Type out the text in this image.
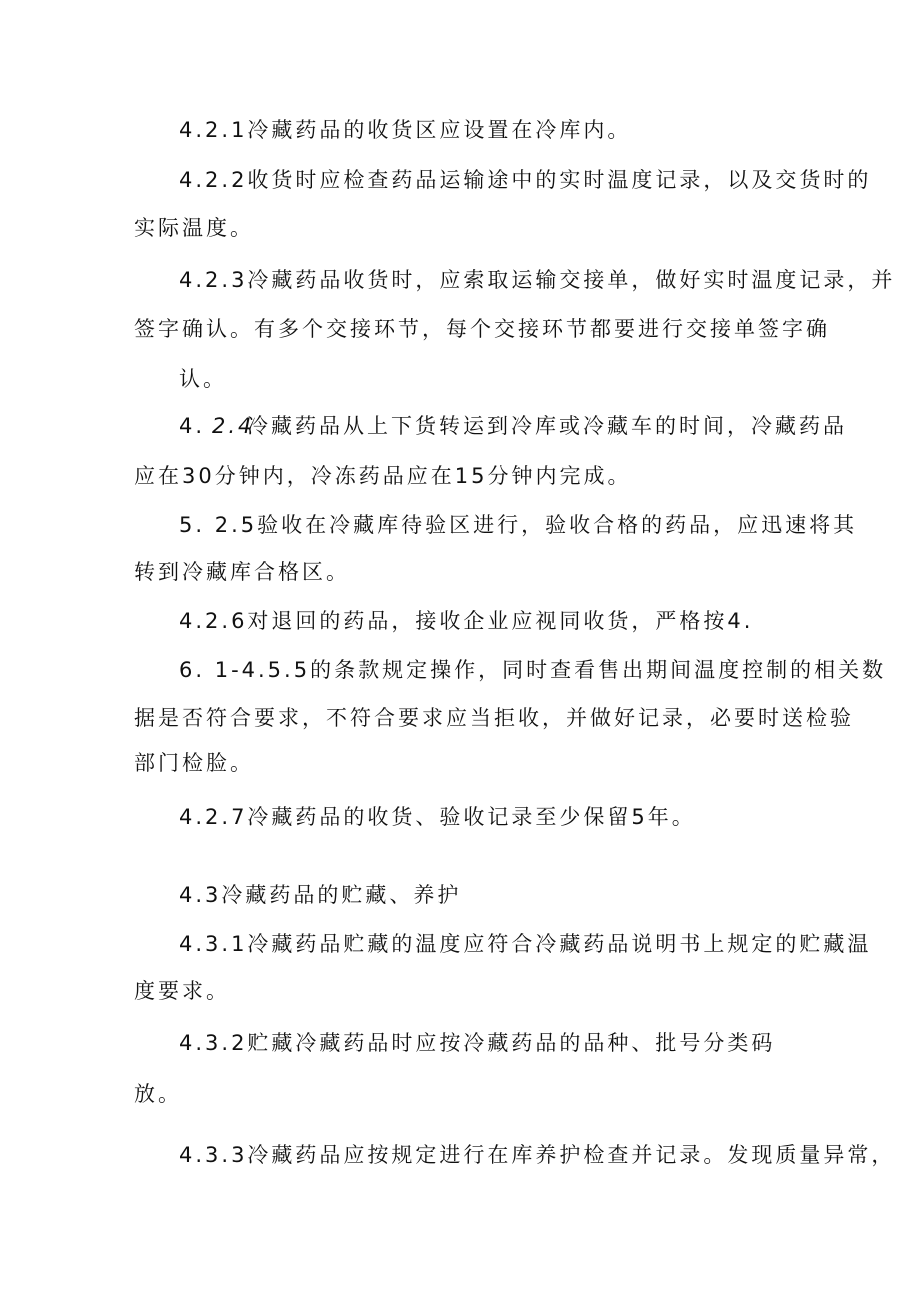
4.2.1冷藏药品的收货区应设置在冷库内。
4.2.2收货时应检查药品运输途中的实时温度记录，以及交货时的
实际温度。
4.2.3冷藏药品收货时，应索取运输交接单，做好实时温度记录，并
签字确认。有多个交接环节，每个交接环节都要进行交接单签字确
认。
4. 2.4
冷藏药品从上下货转运到冷库或冷藏车的时间，冷藏药品
应在30分钟内，冷冻药品应在15分钟内完成。
5. 2.5验收在冷藏库待验区进行，验收合格的药品，应迅速将其
转到冷藏库合格区。
4.2.6对退回的药品，接收企业应视同收货，严格按4.
6. 1-4.5.5的条款规定操作，同时查看售出期间温度控制的相关数
据是否符合要求，不符合要求应当拒收，并做好记录，必要时送检验
部门检脸。
4.2.7冷藏药品的收货、验收记录至少保留5年。
4.3冷藏药品的贮藏、养护
4.3.1冷藏药品贮藏的温度应符合冷藏药品说明书上规定的贮藏温
度要求。
4.3.2贮藏冷藏药品时应按冷藏药品的品种、批号分类码
放。
4.3.3冷藏药品应按规定进行在库养护检查并记录。发现质量异常，
